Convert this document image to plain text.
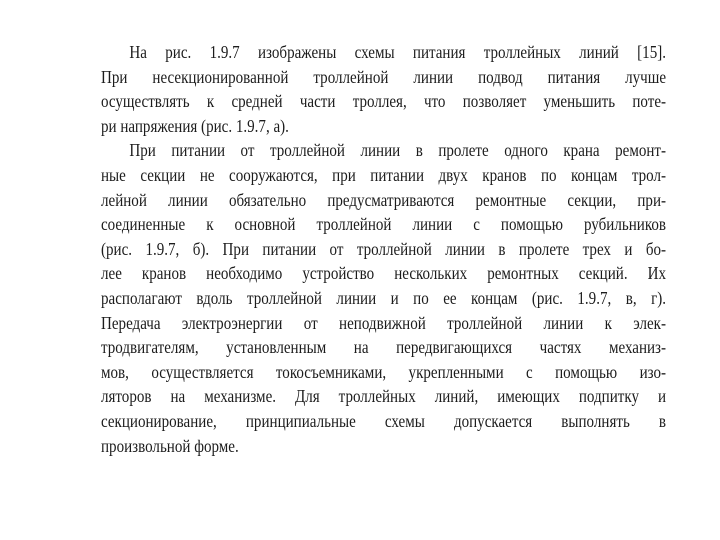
На рис. 1.9.7 изображены схемы питания троллейных линий [15].
При несекционированной троллейной линии подвод питания лучше
осуществлять к средней части троллея, что позволяет уменьшить поте-
ри напряжения (рис. 1.9.7, а).
При питании от троллейной линии в пролете одного крана ремонт-
ные секции не сооружаются, при питании двух кранов по концам трол-
лейной линии обязательно предусматриваются ремонтные секции, при-
соединенные к основной троллейной линии с помощью рубильников
(рис. 1.9.7, б). При питании от троллейной линии в пролете трех и бо-
лее кранов необходимо устройство нескольких ремонтных секций. Их
располагают вдоль троллейной линии и по ее концам (рис. 1.9.7, в, г).
Передача электроэнергии от неподвижной троллейной линии к элек-
тродвигателям, установленным на передвигающихся частях механиз-
мов, осуществляется токосъемниками, укрепленными с помощью изо-
ляторов на механизме. Для троллейных линий, имеющих подпитку и
секционирование, принципиальные схемы допускается выполнять в
произвольной форме.
